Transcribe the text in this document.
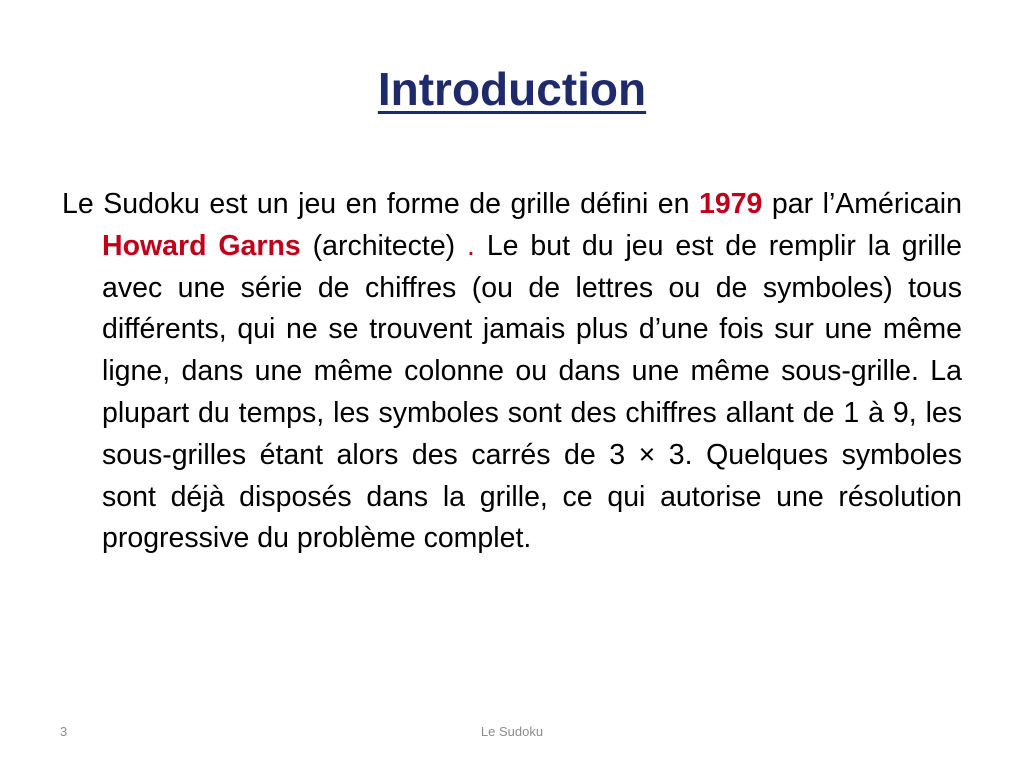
Introduction
Le Sudoku est un jeu en forme de grille défini en 1979 par l’Américain Howard Garns (architecte) . Le but du jeu est de remplir la grille avec une série de chiffres (ou de lettres ou de symboles) tous différents, qui ne se trouvent jamais plus d’une fois sur une même ligne, dans une même colonne ou dans une même sous-grille. La plupart du temps, les symboles sont des chiffres allant de 1 à 9, les sous-grilles étant alors des carrés de 3 × 3. Quelques symboles sont déjà disposés dans la grille, ce qui autorise une résolution progressive du problème complet.
3	Le Sudoku
